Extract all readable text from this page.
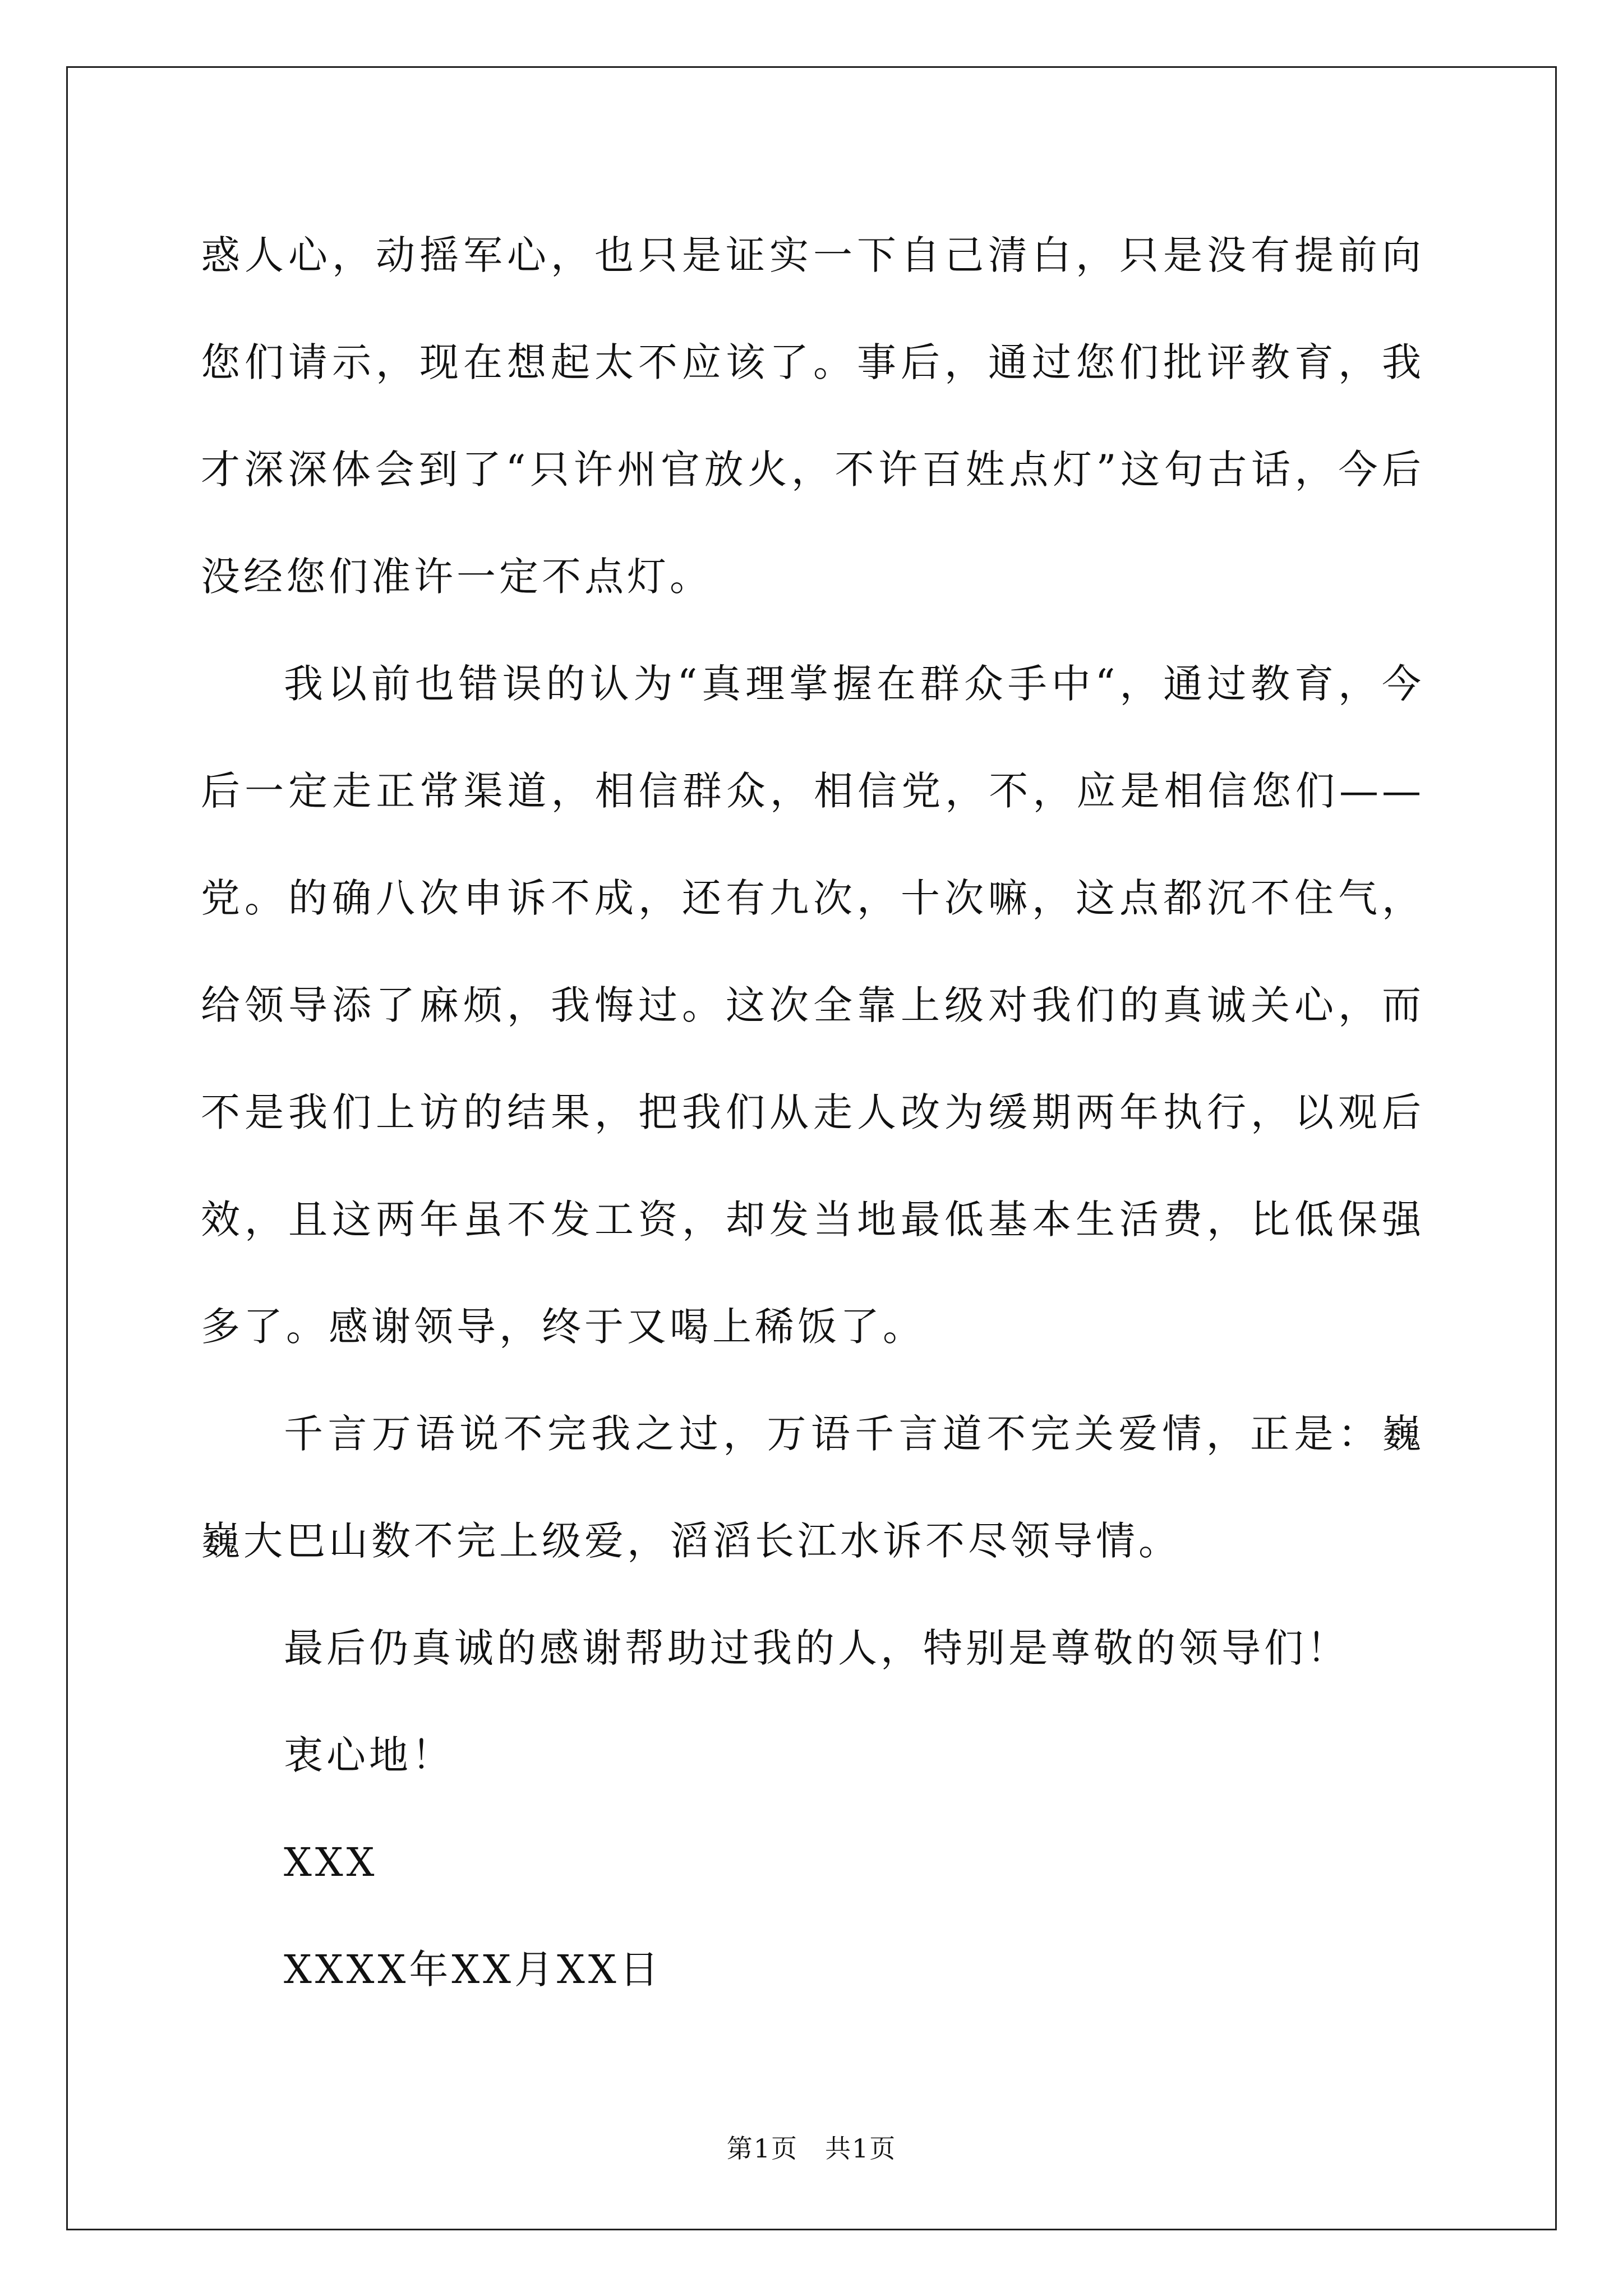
惑人心，动摇军心，也只是证实一下自己清白，只是没有提前向您们请示，现在想起太不应该了。事后，通过您们批评教育，我才深深体会到了“只许州官放火，不许百姓点灯”这句古话，今后没经您们准许一定不点灯。

我以前也错误的认为“真理掌握在群众手中“，通过教育，今后一定走正常渠道，相信群众，相信党，不，应是相信您们——党。的确八次申诉不成，还有九次，十次嘛，这点都沉不住气，给领导添了麻烦，我悔过。这次全靠上级对我们的真诚关心，而不是我们上访的结果，把我们从走人改为缓期两年执行，以观后效，且这两年虽不发工资，却发当地最低基本生活费，比低保强多了。感谢领导，终于又喝上稀饭了。

千言万语说不完我之过，万语千言道不完关爱情，正是：巍巍大巴山数不完上级爱，滔滔长江水诉不尽领导情。

最后仍真诚的感谢帮助过我的人，特别是尊敬的领导们！

衷心地！

XXX

XXXX年XX月XX日

第1页　共1页
